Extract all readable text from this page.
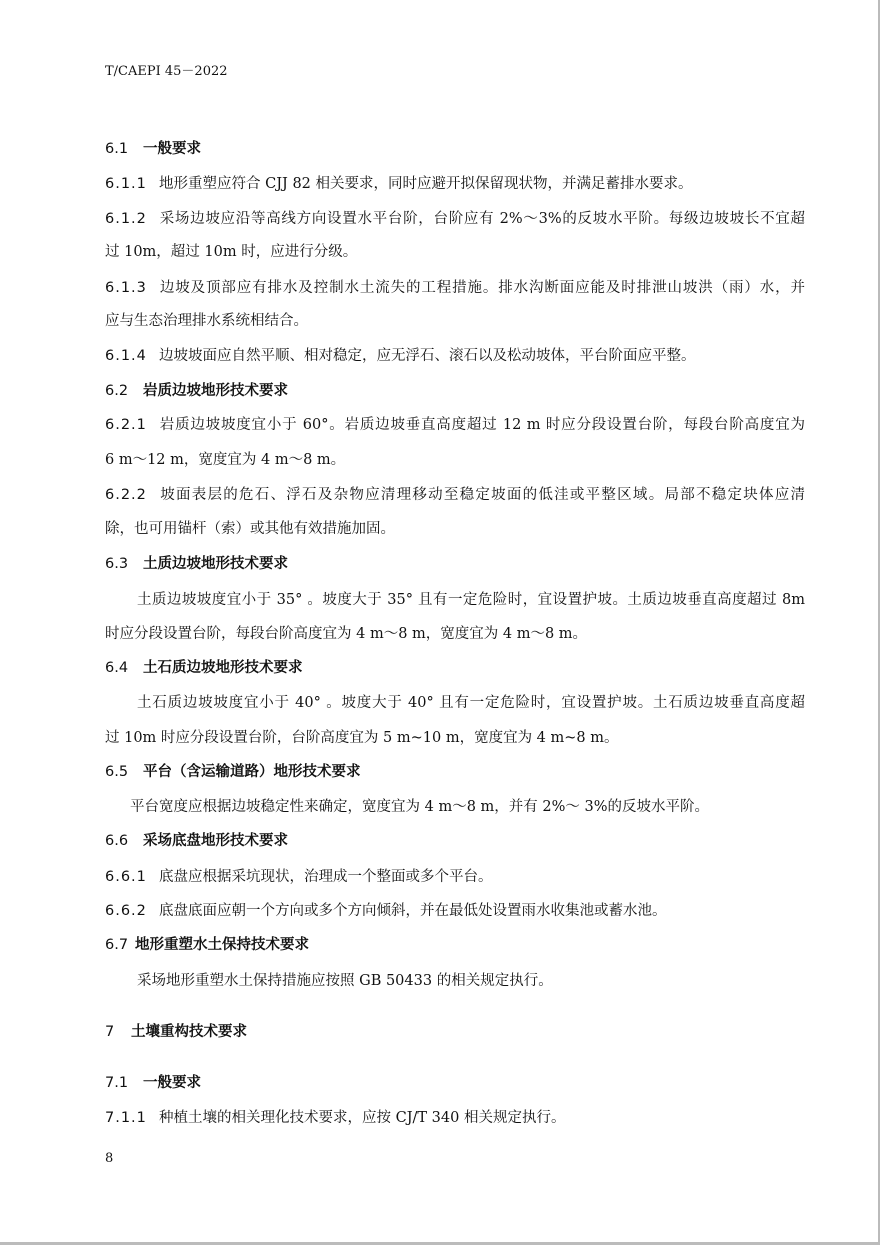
T/CAEPI 45－2022
6.1 一般要求
6.1.1 地形重塑应符合 CJJ 82 相关要求，同时应避开拟保留现状物，并满足蓄排水要求。
6.1.2 采场边坡应沿等高线方向设置水平台阶，台阶应有 2%～3%的反坡水平阶。每级边坡坡长不宜超
过 10m，超过 10m 时，应进行分级。
6.1.3 边坡及顶部应有排水及控制水土流失的工程措施。排水沟断面应能及时排泄山坡洪（雨）水，并
应与生态治理排水系统相结合。
6.1.4 边坡坡面应自然平顺、相对稳定，应无浮石、滚石以及松动坡体，平台阶面应平整。
6.2 岩质边坡地形技术要求
6.2.1 岩质边坡坡度宜小于 60°。岩质边坡垂直高度超过 12 m 时应分段设置台阶，每段台阶高度宜为
6 m～12 m，宽度宜为 4 m～8 m。
6.2.2 坡面表层的危石、浮石及杂物应清理移动至稳定坡面的低洼或平整区域。局部不稳定块体应清
除，也可用锚杆（索）或其他有效措施加固。
6.3 土质边坡地形技术要求
土质边坡坡度宜小于 35° 。坡度大于 35° 且有一定危险时，宜设置护坡。土质边坡垂直高度超过 8m
时应分段设置台阶，每段台阶高度宜为 4 m～8 m，宽度宜为 4 m～8 m。
6.4 土石质边坡地形技术要求
土石质边坡坡度宜小于 40° 。坡度大于 40° 且有一定危险时，宜设置护坡。土石质边坡垂直高度超
过 10m 时应分段设置台阶，台阶高度宜为 5 m~10 m，宽度宜为 4 m~8 m。
6.5 平台（含运输道路）地形技术要求
平台宽度应根据边坡稳定性来确定，宽度宜为 4 m～8 m，并有 2%～ 3%的反坡水平阶。
6.6 采场底盘地形技术要求
6.6.1 底盘应根据采坑现状，治理成一个整面或多个平台。
6.6.2 底盘底面应朝一个方向或多个方向倾斜，并在最低处设置雨水收集池或蓄水池。
6.7 地形重塑水土保持技术要求
采场地形重塑水土保持措施应按照 GB 50433 的相关规定执行。
7 土壤重构技术要求
7.1 一般要求
7.1.1 种植土壤的相关理化技术要求，应按 CJ/T 340 相关规定执行。
8
